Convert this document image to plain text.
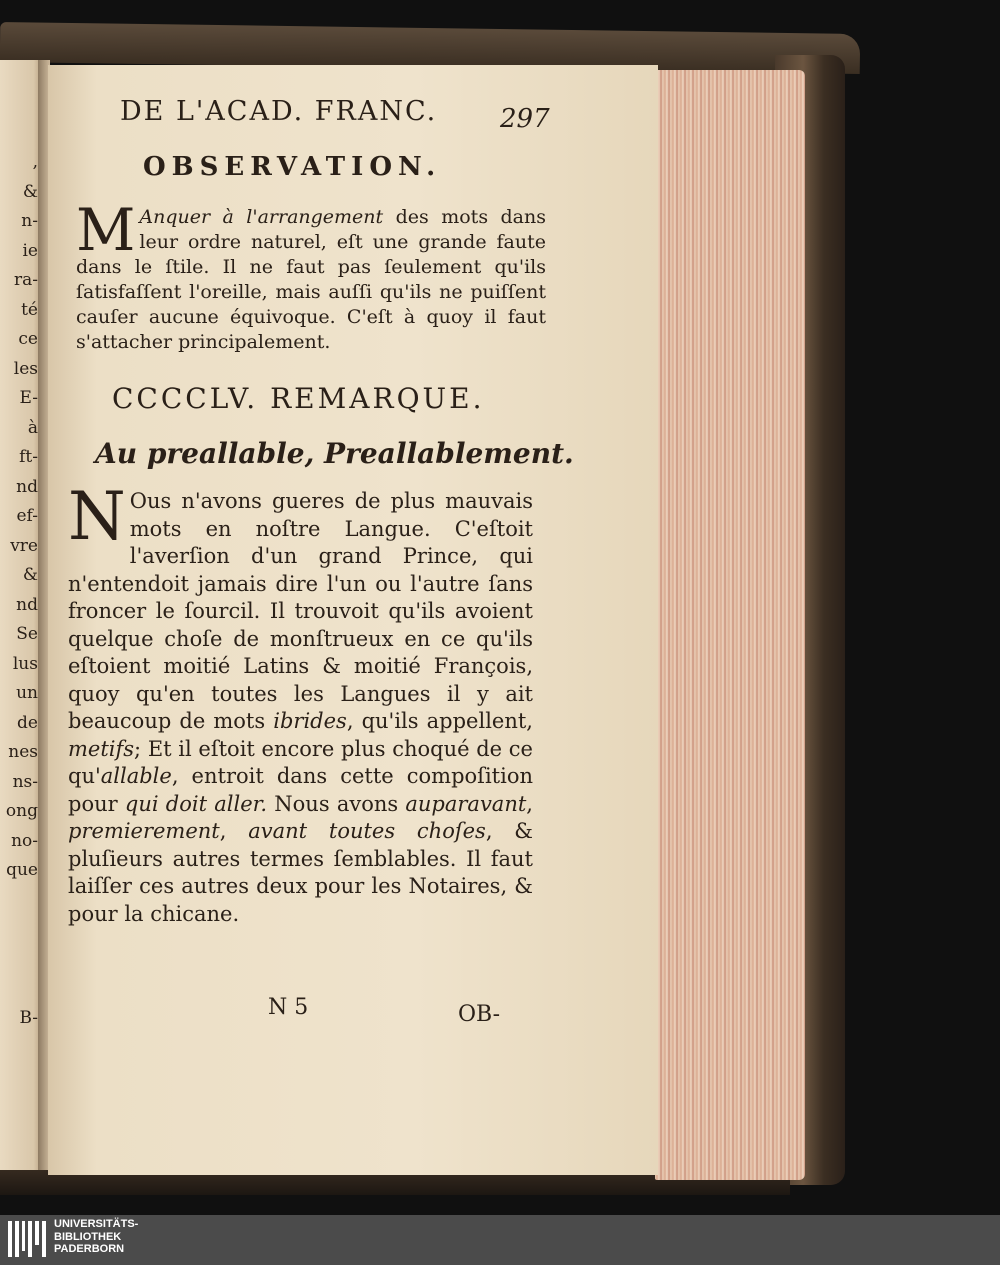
,
&
n-
ie
ra-
té
ce
les
E-
à
ft-
nd
ef-
vre
&
nd
Se
lus
un
de
nes
ns-
ong
no-
que
B-
DE L'ACAD. FRANC. 297
OBSERVATION.

M Anquer à l'arrangement des mots dans leur ordre naturel, eſt une grande faute dans le ſtile. Il ne faut pas ſeulement qu'ils ſatisfaſſent l'oreille, mais auſſi qu'ils ne puiſſent cauſer aucune équivoque. C'eſt à quoy il faut s'attacher principalement.

CCCCLV. REMARQUE.
Au preallable, Preallablement.

N Ous n'avons gueres de plus mauvais mots en noſtre Langue. C'eſtoit l'averſion d'un grand Prince, qui n'entendoit jamais dire l'un ou l'autre ſans froncer le ſourcil. Il trouvoit qu'ils avoient quelque choſe de monſtrueux en ce qu'ils eſtoient moitié Latins & moitié François, quoy qu'en toutes les Langues il y ait beaucoup de mots ibrides, qu'ils appellent, metifs; Et il eſtoit encore plus choqué de ce qu'allable, entroit dans cette compoſition pour qui doit aller. Nous avons auparavant, premierement, avant toutes choſes, & pluſieurs autres termes ſemblables. Il faut laiſſer ces autres deux pour les Notaires, & pour la chicane.

N 5	OB-
UNIVERSITÄTS-
BIBLIOTHEK
PADERBORN
